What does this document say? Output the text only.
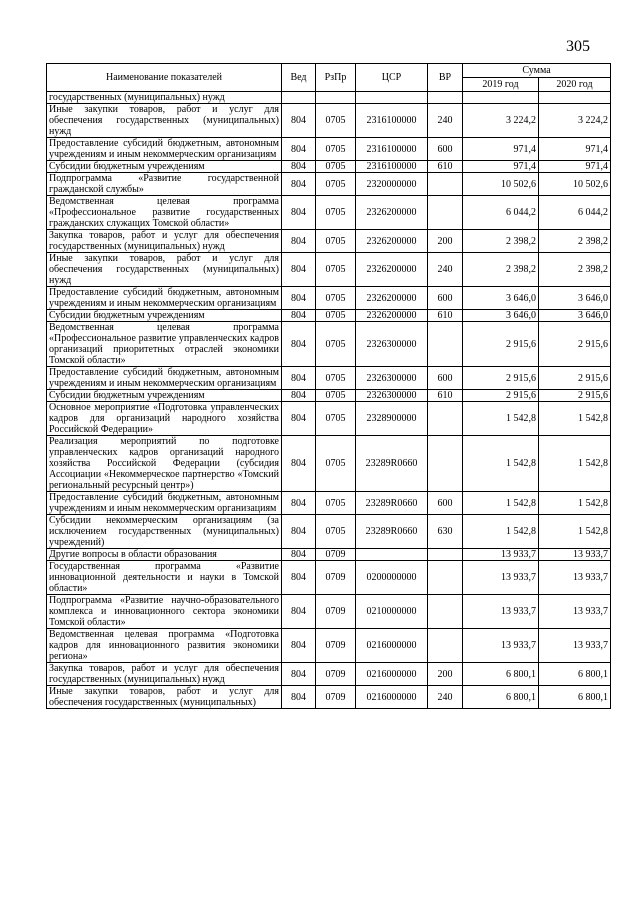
305
Наименование показателей	Вед	РзПр	ЦСР	ВР	Сумма	
					2019 год	2020 год
государственных (муниципальных) нужд						
Иные закупки товаров, работ и услуг для обеспечения государственных (муниципальных) нужд	804	0705	2316100000	240	3 224,2	3 224,2
Предоставление субсидий бюджетным, автономным учреждениям и иным некоммерческим организациям	804	0705	2316100000	600	971,4	971,4
Субсидии бюджетным учреждениям	804	0705	2316100000	610	971,4	971,4
Подпрограмма «Развитие государственной гражданской службы»	804	0705	2320000000		10 502,6	10 502,6
Ведомственная целевая программа «Профессиональное развитие государственных гражданских служащих Томской области»	804	0705	2326200000		6 044,2	6 044,2
Закупка товаров, работ и услуг для обеспечения государственных (муниципальных) нужд	804	0705	2326200000	200	2 398,2	2 398,2
Иные закупки товаров, работ и услуг для обеспечения государственных (муниципальных) нужд	804	0705	2326200000	240	2 398,2	2 398,2
Предоставление субсидий бюджетным, автономным учреждениям и иным некоммерческим организациям	804	0705	2326200000	600	3 646,0	3 646,0
Субсидии бюджетным учреждениям	804	0705	2326200000	610	3 646,0	3 646,0
Ведомственная целевая программа «Профессиональное развитие управленческих кадров организаций приоритетных отраслей экономики Томской области»	804	0705	2326300000		2 915,6	2 915,6
Предоставление субсидий бюджетным, автономным учреждениям и иным некоммерческим организациям	804	0705	2326300000	600	2 915,6	2 915,6
Субсидии бюджетным учреждениям	804	0705	2326300000	610	2 915,6	2 915,6
Основное мероприятие «Подготовка управленческих кадров для организаций народного хозяйства Российской Федерации»	804	0705	2328900000		1 542,8	1 542,8
Реализация мероприятий по подготовке управленческих кадров организаций народного хозяйства Российской Федерации (субсидия Ассоциации «Некоммерческое партнерство «Томский региональный ресурсный центр»)	804	0705	23289R0660		1 542,8	1 542,8
Предоставление субсидий бюджетным, автономным учреждениям и иным некоммерческим организациям	804	0705	23289R0660	600	1 542,8	1 542,8
Субсидии некоммерческим организациям (за исключением государственных (муниципальных) учреждений)	804	0705	23289R0660	630	1 542,8	1 542,8
Другие вопросы в области образования	804	0709			13 933,7	13 933,7
Государственная программа «Развитие инновационной деятельности и науки в Томской области»	804	0709	0200000000		13 933,7	13 933,7
Подпрограмма «Развитие научно-образовательного комплекса и инновационного сектора экономики Томской области»	804	0709	0210000000		13 933,7	13 933,7
Ведомственная целевая программа «Подготовка кадров для инновационного развития экономики региона»	804	0709	0216000000		13 933,7	13 933,7
Закупка товаров, работ и услуг для обеспечения государственных (муниципальных) нужд	804	0709	0216000000	200	6 800,1	6 800,1
Иные закупки товаров, работ и услуг для обеспечения государственных (муниципальных)	804	0709	0216000000	240	6 800,1	6 800,1
